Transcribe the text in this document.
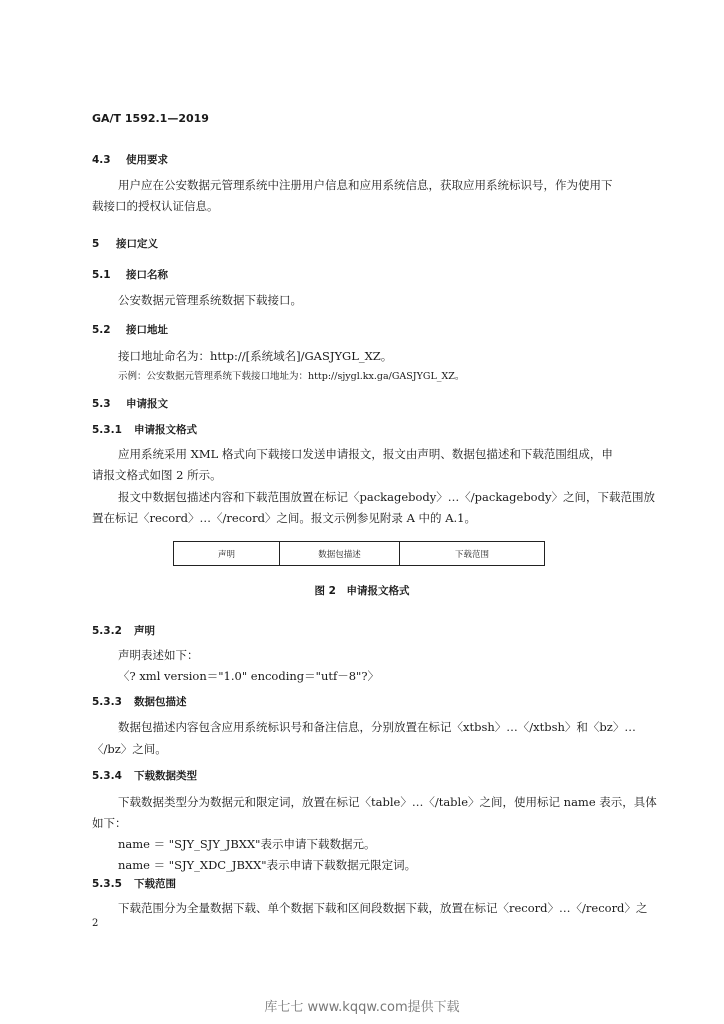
GA/T 1592.1—2019
4.3 使用要求
用户应在公安数据元管理系统中注册用户信息和应用系统信息，获取应用系统标识号，作为使用下
载接口的授权认证信息。
5 接口定义
5.1 接口名称
公安数据元管理系统数据下载接口。
5.2 接口地址
接口地址命名为：http://[系统域名]/GASJYGL_XZ。
示例：公安数据元管理系统下载接口地址为：http://sjygl.kx.ga/GASJYGL_XZ。
5.3 申请报文
5.3.1 申请报文格式
应用系统采用 XML 格式向下载接口发送申请报文，报文由声明、数据包描述和下载范围组成，申
请报文格式如图 2 所示。
报文中数据包描述内容和下载范围放置在标记〈packagebody〉…〈/packagebody〉之间，下载范围放
置在标记〈record〉…〈/record〉之间。报文示例参见附录 A 中的 A.1。
声明	数据包描述	下载范围
图 2　申请报文格式
5.3.2 声明
声明表述如下：
〈? xml version＝"1.0" encoding＝"utf－8"?〉
5.3.3 数据包描述
数据包描述内容包含应用系统标识号和备注信息，分别放置在标记〈xtbsh〉…〈/xtbsh〉和〈bz〉…
〈/bz〉之间。
5.3.4 下载数据类型
下载数据类型分为数据元和限定词，放置在标记〈table〉…〈/table〉之间，使用标记 name 表示，具体
如下：
name ＝ "SJY_SJY_JBXX"表示申请下载数据元。
name ＝ "SJY_XDC_JBXX"表示申请下载数据元限定词。
5.3.5 下载范围
下载范围分为全量数据下载、单个数据下载和区间段数据下载，放置在标记〈record〉…〈/record〉之
2
库七七 www.kqqw.com提供下载
